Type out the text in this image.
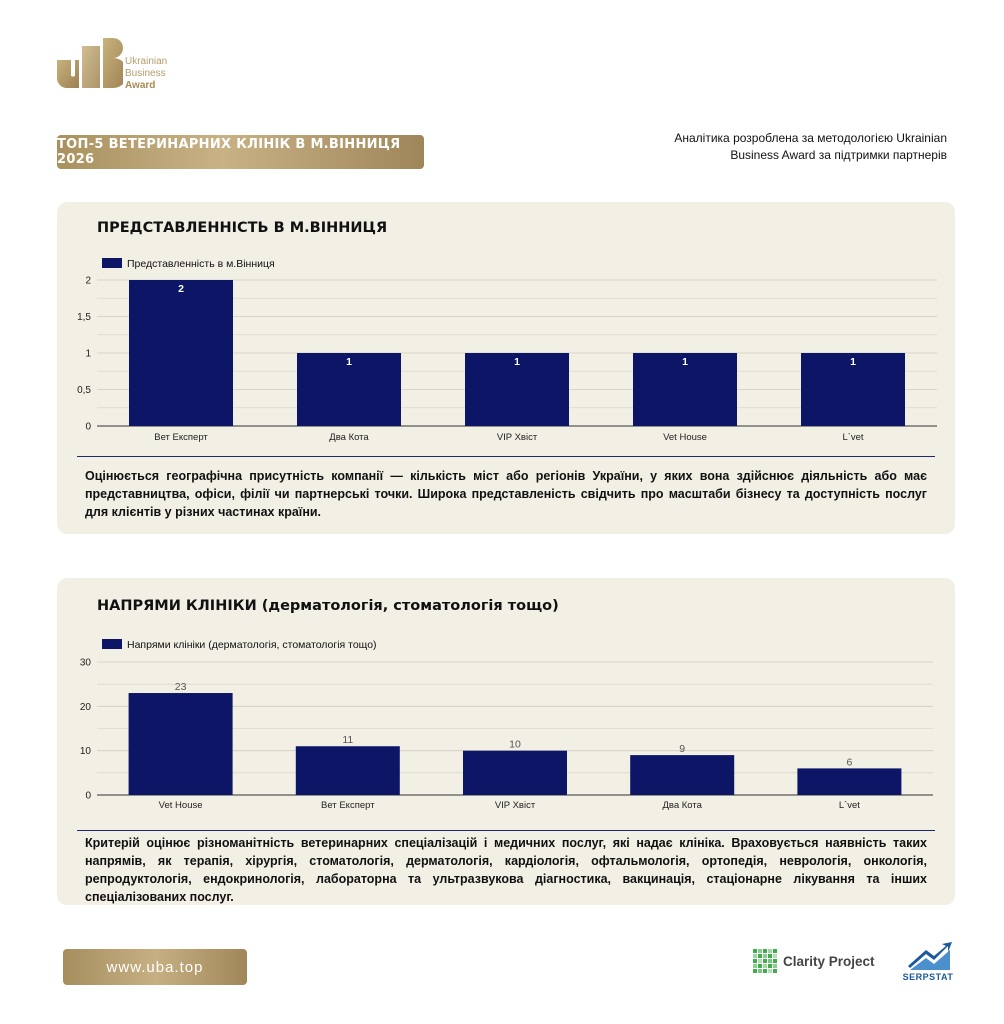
Ukrainian
Business
Award
ТОП-5 ВЕТЕРИНАРНИХ КЛІНІК В М.ВІННИЦЯ 2026
Аналітика розроблена за методологією Ukrainian
Business Award за підтримки партнерів
ПРЕДСТАВЛЕННІСТЬ В М.ВІННИЦЯ
0
0,5
1
1,5
2
Представленність в м.Вінниця
2
Вет Експерт
1
Два Кота
1
VIP Хвіст
1
Vet House
1
L`vet
Оцінюється географічна присутність компанії — кількість міст або регіонів України, у яких вона здійснює діяльність або має представництва, офіси, філії чи партнерські точки. Широка представленість свідчить про масштаби бізнесу та доступність послуг для клієнтів у різних частинах країни.
НАПРЯМИ КЛІНІКИ (дерматологія, стоматологія тощо)
0
10
20
30
Напрями клініки (дерматологія, стоматологія тощо)
23
Vet House
11
Вет Експерт
10
VIP Хвіст
9
Два Кота
6
L`vet
Критерій оцінює різноманітність ветеринарних спеціалізацій і медичних послуг, які надає клініка. Враховується наявність таких напрямів, як терапія, хірургія, стоматологія, дерматологія, кардіологія, офтальмологія, ортопедія, неврологія, онкологія, репродуктологія, ендокринологія, лабораторна та ультразвукова діагностика, вакцинація, стаціонарне лікування та інших спеціалізованих послуг.
www.uba.top	Clarity Project
SERPSTAT
